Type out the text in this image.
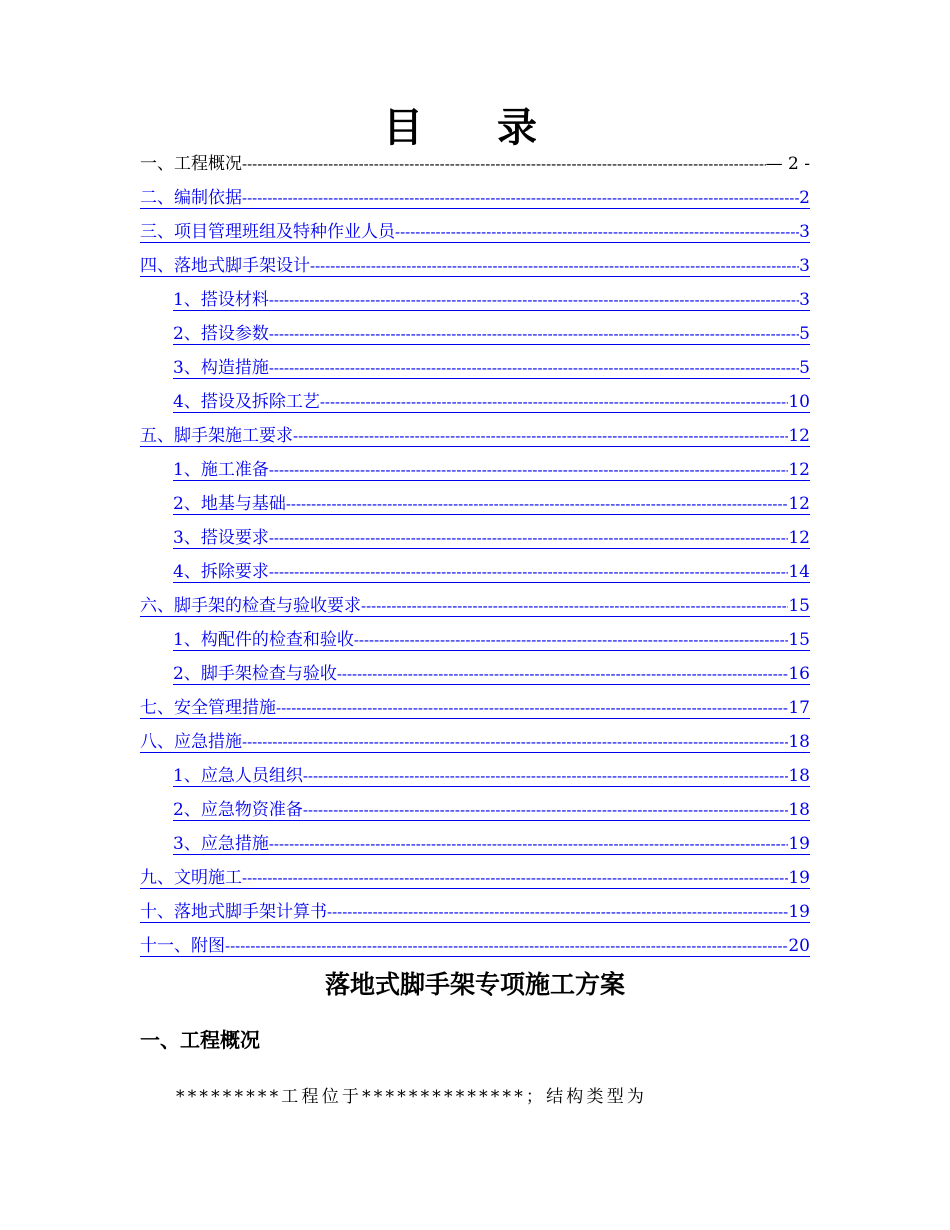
目 录
一、工程概况 -----	— 2 -
二、编制依据 -----	2
三、项目管理班组及特种作业人员 -----	3
四、落地式脚手架设计 -----	3
1、搭设材料 -----	3
2、搭设参数 -----	5
3、构造措施 -----	5
4、搭设及拆除工艺 -----	10
五、脚手架施工要求 -----	12
1、施工准备 -----	12
2、地基与基础 -----	12
3、搭设要求 -----	12
4、拆除要求 -----	14
六、脚手架的检查与验收要求 -----	15
1、构配件的检查和验收 -----	15
2、脚手架检查与验收 -----	16
七、安全管理措施 -----	17
八、应急措施 -----	18
1、应急人员组织 -----	18
2、应急物资准备 -----	18
3、应急措施 -----	19
九、文明施工 -----	19
十、落地式脚手架计算书 -----	19
十一、附图 -----	20
落地式脚手架专项施工方案
一、工程概况
*********工程位于**************；结构类型为
